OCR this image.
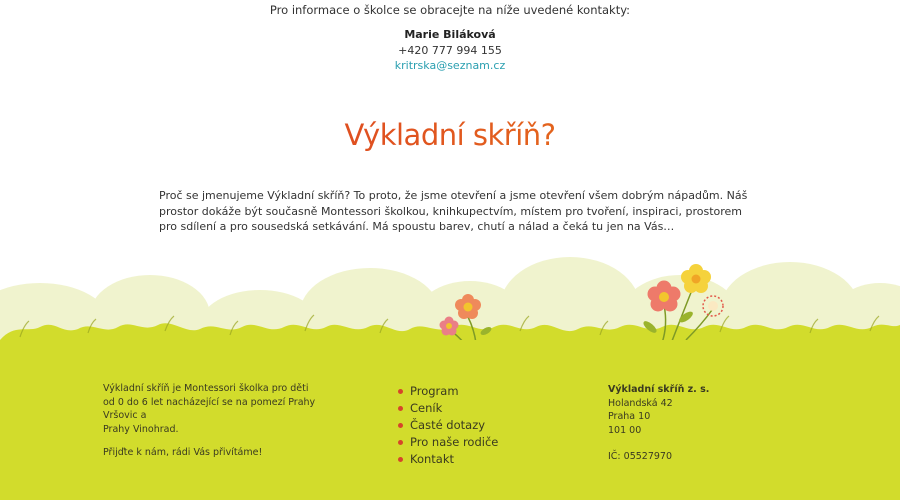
Pro informace o školce se obracejte na níže uvedené kontakty:
Marie Biláková
+420 777 994 155
kritrska@seznam.cz
Výkladní skříň?
Proč se jmenujeme Výkladní skříň? To proto, že jsme otevření a jsme otevření všem dobrým nápadům. Náš prostor dokáže být současně Montessori školkou, knihkupectvím, místem pro tvoření, inspiraci, prostorem pro sdílení a pro sousedská setkávání. Má spoustu barev, chutí a nálad a čeká tu jen na Vás…

Výkladní skříň je Montessori školka pro děti
od 0 do 6 let nacházející se na pomezí Prahy Vršovic a
Prahy Vinohrad.

Přijďte k nám, rádi Vás přivítáme!

Program
Ceník
Časté dotazy
Pro naše rodiče
Kontakt
Výkladní skříň z. s.
Holandská 42
Praha 10
101 00
IČ: 05527970
